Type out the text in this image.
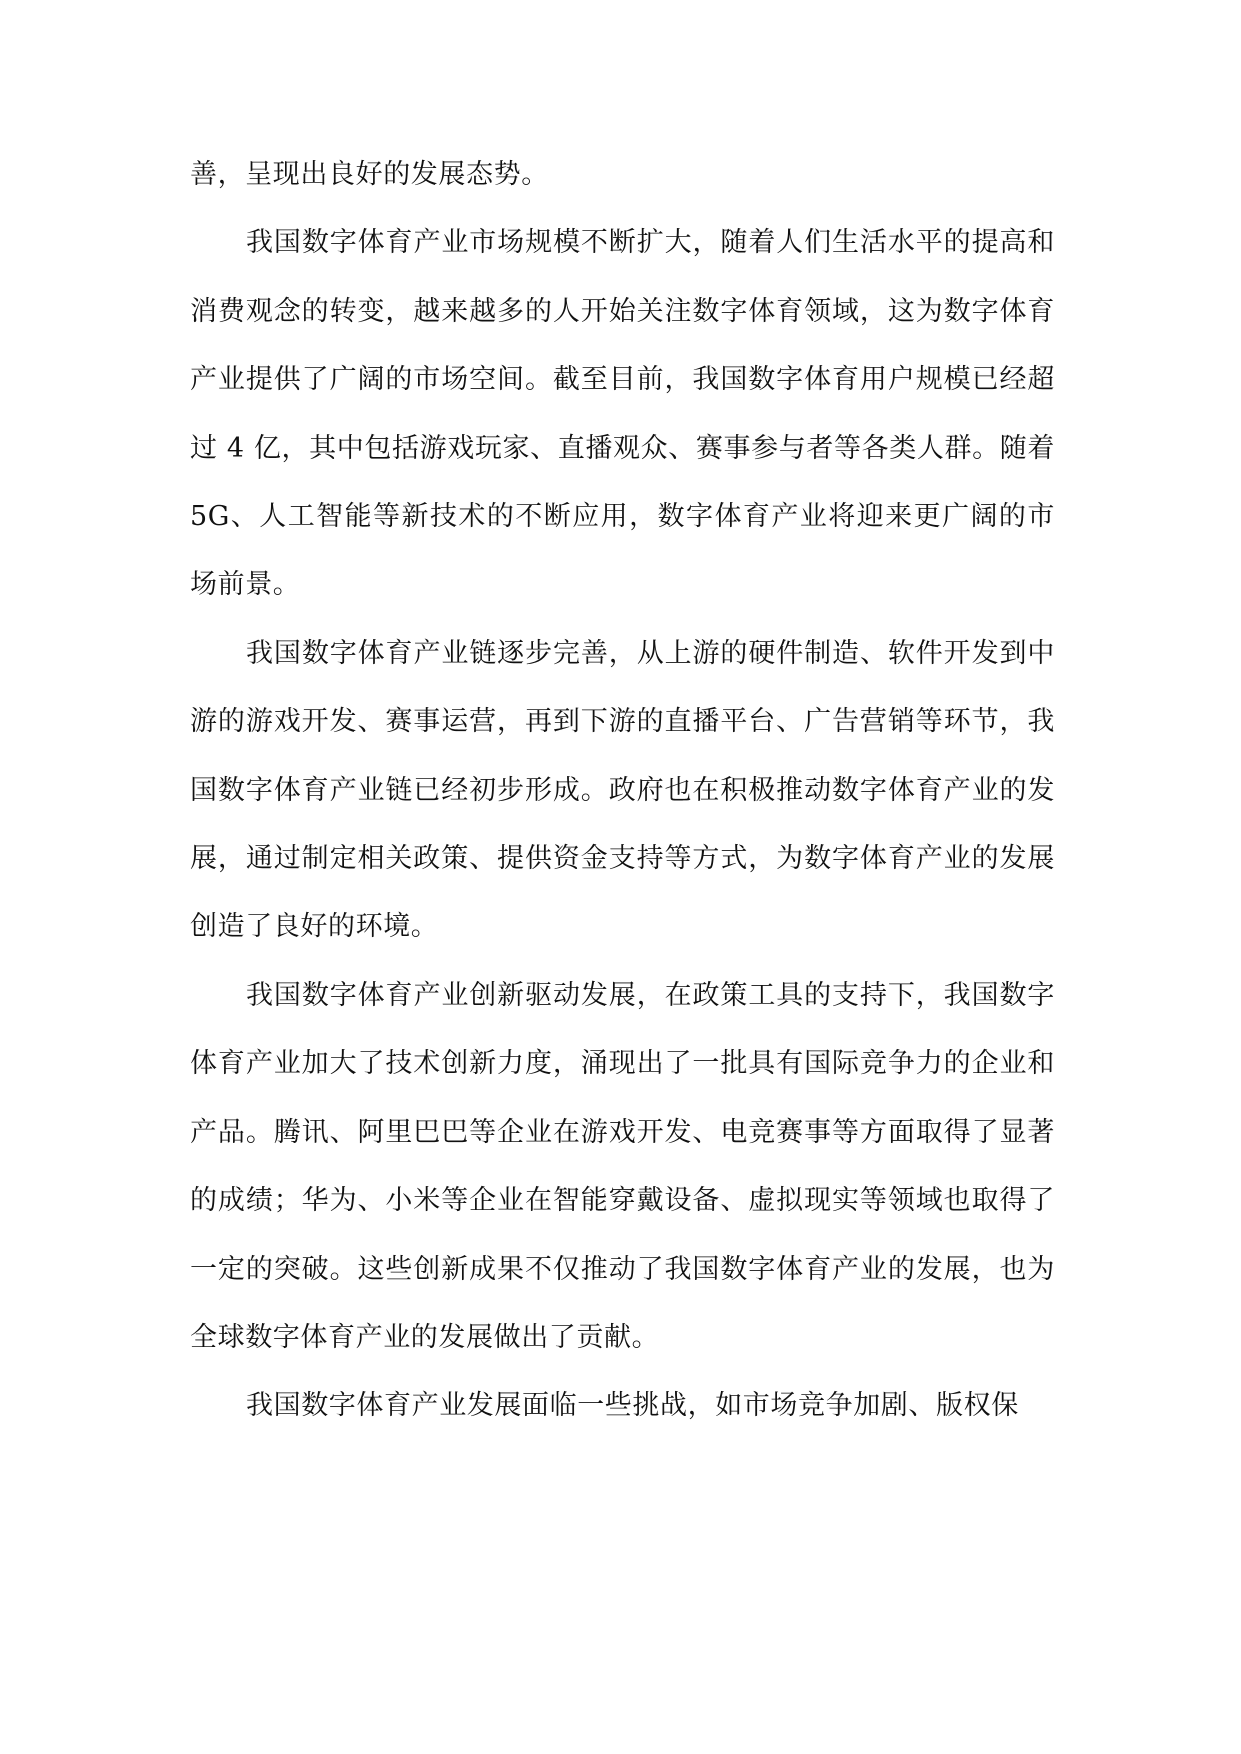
善，呈现出良好的发展态势。

我国数字体育产业市场规模不断扩大，随着人们生活水平的提高和消费观念的转变，越来越多的人开始关注数字体育领域，这为数字体育产业提供了广阔的市场空间。截至目前，我国数字体育用户规模已经超过 4 亿，其中包括游戏玩家、直播观众、赛事参与者等各类人群。随着 5G、人工智能等新技术的不断应用，数字体育产业将迎来更广阔的市场前景。

我国数字体育产业链逐步完善，从上游的硬件制造、软件开发到中游的游戏开发、赛事运营，再到下游的直播平台、广告营销等环节，我国数字体育产业链已经初步形成。政府也在积极推动数字体育产业的发展，通过制定相关政策、提供资金支持等方式，为数字体育产业的发展创造了良好的环境。

我国数字体育产业创新驱动发展，在政策工具的支持下，我国数字体育产业加大了技术创新力度，涌现出了一批具有国际竞争力的企业和产品。腾讯、阿里巴巴等企业在游戏开发、电竞赛事等方面取得了显著的成绩；华为、小米等企业在智能穿戴设备、虚拟现实等领域也取得了一定的突破。这些创新成果不仅推动了我国数字体育产业的发展，也为全球数字体育产业的发展做出了贡献。

我国数字体育产业发展面临一些挑战，如市场竞争加剧、版权保
